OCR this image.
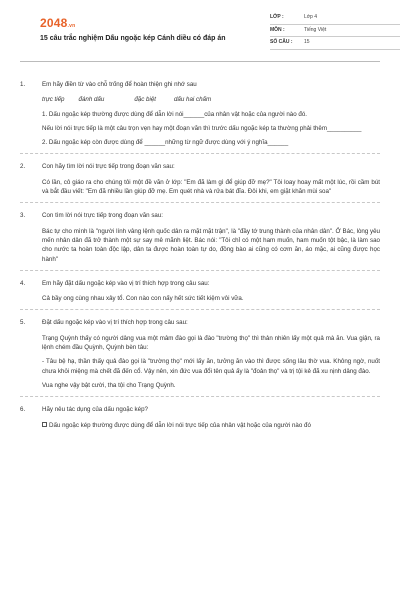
2048.vn
15 câu trắc nghiệm Dấu ngoặc kép Cánh diều có đáp án
LỚP :	Lớp 4
MÔN :	Tiếng Việt
SỐ CÂU :	15
1.	Em hãy điền từ vào chỗ trống để hoàn thiện ghi nhớ sau
trực tiếp đánh dấu	đặc biệt	dấu hai chấm
1. Dấu ngoặc kép thường được dùng để dẫn lời nói______của nhân vật hoặc của người nào đó.
Nếu lời nói trực tiếp là một câu trọn vẹn hay một đoạn văn thì trước dấu ngoặc kép ta thường phải thêm__________
2. Dấu ngoặc kép còn được dùng để ______những từ ngữ được dùng với ý nghĩa______
2.	Con hãy tìm lời nói trực tiếp trong đoạn văn sau:
Có lần, cô giáo ra cho chúng tôi một đề văn ở lớp: "Em đã làm gì để giúp đỡ mẹ?" Tôi loay hoay mất một lúc, rồi cầm bút và bắt đầu viết: "Em đã nhiều lần giúp đỡ mẹ. Em quét nhà và rửa bát đĩa. Đôi khi, em giặt khăn mùi soa"
3.	Con tìm lời nói trực tiếp trong đoạn văn sau:
Bác tự cho mình là "người lính vâng lệnh quốc dân ra mặt mặt trận", là "đầy tớ trung thành của nhân dân". Ở Bác, lòng yêu mến nhân dân đã trở thành một sự say mê mãnh liệt. Bác nói: "Tôi chỉ có một ham muốn, ham muốn tột bậc, là làm sao cho nước ta hoàn toàn độc lập, dân ta được hoàn toàn tự do, đồng bào ai cũng có cơm ăn, áo mặc, ai cũng được học hành"
4.	Em hãy đặt dấu ngoặc kép vào vị trí thích hợp trong câu sau:
Cả bầy ong cùng nhau xây tổ. Con nào con nấy hết sức tiết kiệm vôi vữa.
5.	Đặt dấu ngoặc kép vào vị trí thích hợp trong câu sau:
Trạng Quỳnh thấy có người dâng vua một mâm đào gọi là đào "trường thọ" thì thản nhiên lấy một quả mà ăn. Vua giận, ra lệnh chém đầu Quỳnh, Quỳnh bèn tâu:
- Tâu bệ hạ, thần thấy quả đào gọi là "trường thọ" mới lấy ăn, tưởng ăn vào thì được sống lâu thờ vua. Không ngờ, nuốt chưa khỏi miệng mà chết đã đến cổ. Vậy nên, xin đức vua đổi tên quả ấy là "đoản thọ" và trị tội kẻ đã xu nịnh dâng đào.
Vua nghe vậy bật cười, tha tội cho Trạng Quỳnh.
6.	Hãy nêu tác dụng của dấu ngoặc kép?
Dấu ngoặc kép thường được dùng để dẫn lời nói trực tiếp của nhân vật hoặc của người nào đó
